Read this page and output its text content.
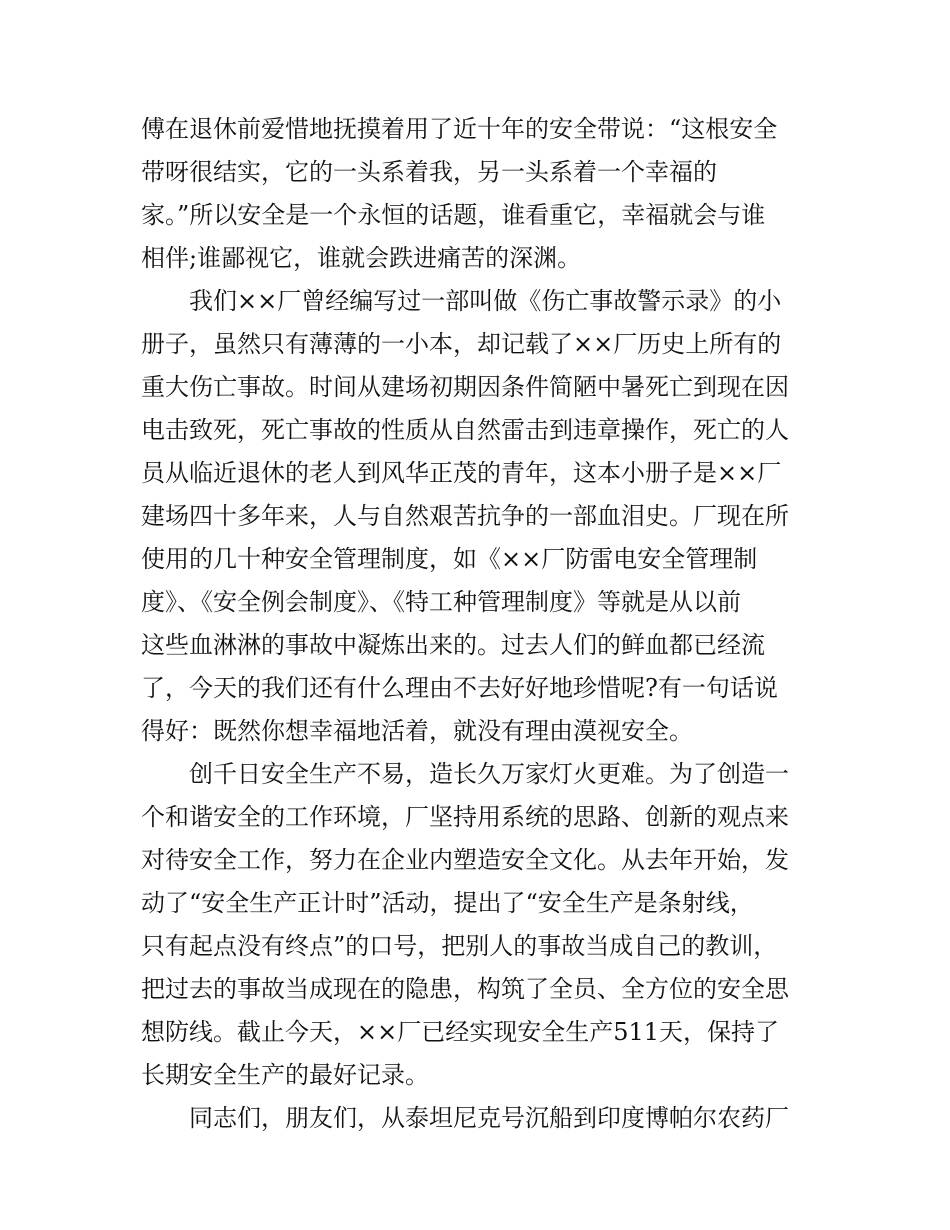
傅在退休前爱惜地抚摸着用了近十年的安全带说：“这根安全
带呀很结实，它的一头系着我，另一头系着一个幸福的
家。”所以安全是一个永恒的话题，谁看重它，幸福就会与谁
相伴;谁鄙视它，谁就会跌进痛苦的深渊。
我们××厂曾经编写过一部叫做《伤亡事故警示录》的小
册子，虽然只有薄薄的一小本，却记载了××厂历史上所有的
重大伤亡事故。时间从建场初期因条件简陋中暑死亡到现在因
电击致死，死亡事故的性质从自然雷击到违章操作，死亡的人
员从临近退休的老人到风华正茂的青年，这本小册子是××厂
建场四十多年来，人与自然艰苦抗争的一部血泪史。厂现在所
使用的几十种安全管理制度，如《××厂防雷电安全管理制
度》、《安全例会制度》、《特工种管理制度》等就是从以前
这些血淋淋的事故中凝炼出来的。过去人们的鲜血都已经流
了，今天的我们还有什么理由不去好好地珍惜呢?有一句话说
得好：既然你想幸福地活着，就没有理由漠视安全。
创千日安全生产不易，造长久万家灯火更难。为了创造一
个和谐安全的工作环境，厂坚持用系统的思路、创新的观点来
对待安全工作，努力在企业内塑造安全文化。从去年开始，发
动了“安全生产正计时”活动，提出了“安全生产是条射线，
只有起点没有终点”的口号，把别人的事故当成自己的教训，
把过去的事故当成现在的隐患，构筑了全员、全方位的安全思
想防线。截止今天，××厂已经实现安全生产511天，保持了
长期安全生产的最好记录。
同志们，朋友们，从泰坦尼克号沉船到印度博帕尔农药厂
